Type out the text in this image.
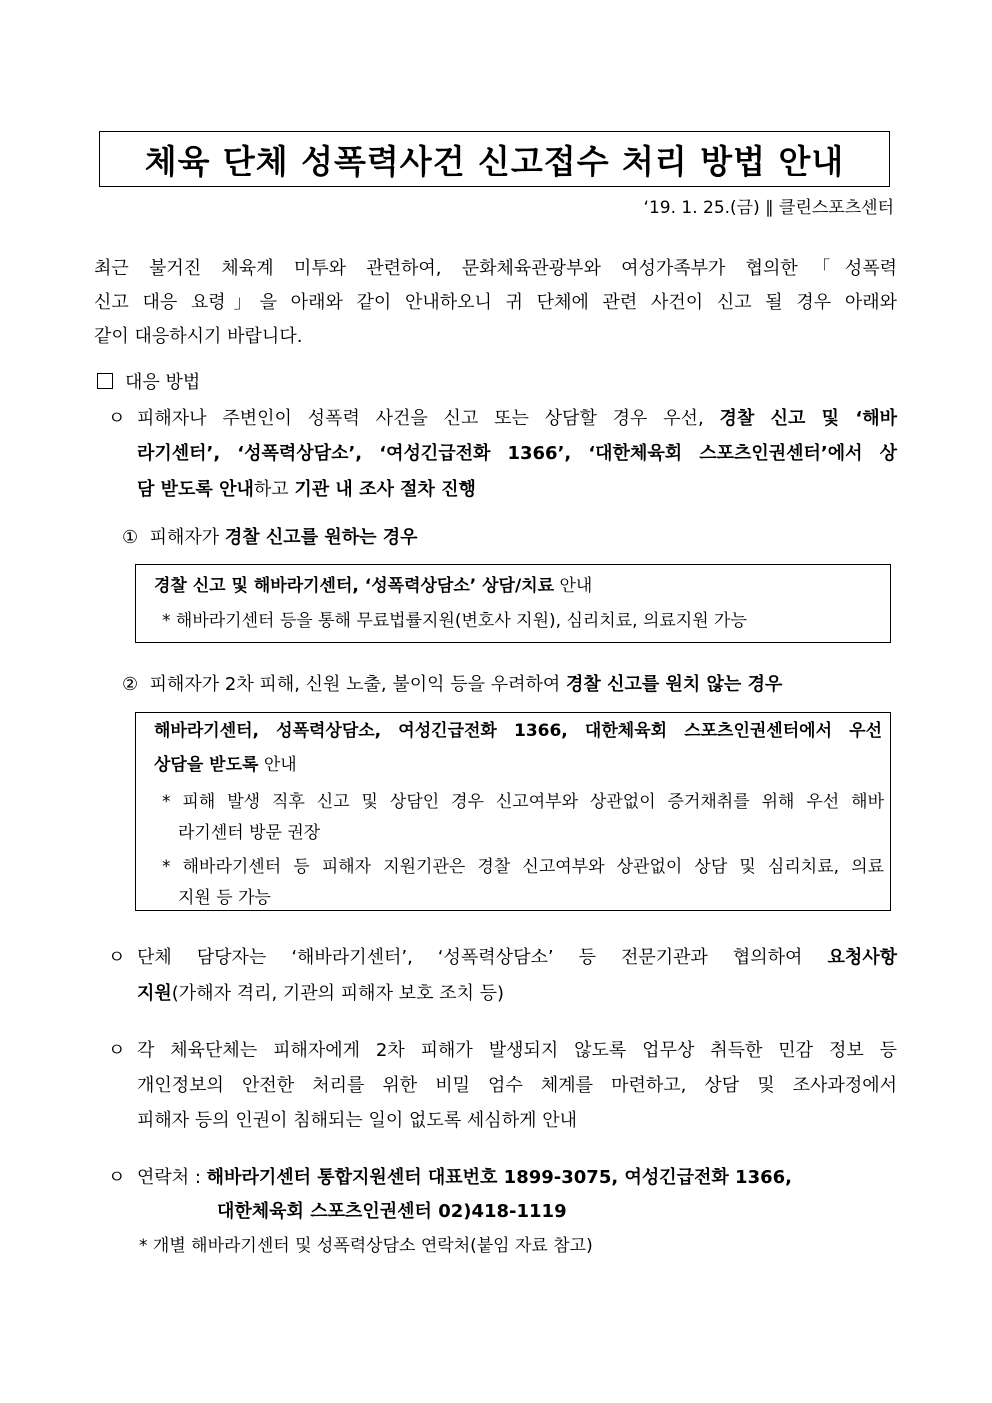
체육 단체 성폭력사건 신고접수 처리 방법 안내
‘19. 1. 25.(금) ∥ 클린스포츠센터
최근 불거진 체육계 미투와 관련하여, 문화체육관광부와 여성가족부가 협의한「성폭력
신고 대응 요령」을 아래와 같이 안내하오니 귀 단체에 관련 사건이 신고 될 경우 아래와
같이 대응하시기 바랍니다.
대응 방법
ㅇ 피해자나 주변인이 성폭력 사건을 신고 또는 상담할 경우 우선, 경찰 신고 및 ‘해바
라기센터’, ‘성폭력상담소’, ‘여성긴급전화 1366’, ‘대한체육회 스포츠인권센터’에서 상
담 받도록 안내하고 기관 내 조사 절차 진행
① 피해자가 경찰 신고를 원하는 경우
경찰 신고 및 해바라기센터, ‘성폭력상담소’ 상담/치료 안내
* 해바라기센터 등을 통해 무료법률지원(변호사 지원), 심리치료, 의료지원 가능
② 피해자가 2차 피해, 신원 노출, 불이익 등을 우려하여 경찰 신고를 원치 않는 경우
해바라기센터, 성폭력상담소, 여성긴급전화 1366, 대한체육회 스포츠인권센터에서 우선
상담을 받도록 안내
* 피해 발생 직후 신고 및 상담인 경우 신고여부와 상관없이 증거채취를 위해 우선 해바
라기센터 방문 권장
* 해바라기센터 등 피해자 지원기관은 경찰 신고여부와 상관없이 상담 및 심리치료, 의료
지원 등 가능
ㅇ 단체 담당자는 ‘해바라기센터’, ‘성폭력상담소’ 등 전문기관과 협의하여 요청사항
지원(가해자 격리, 기관의 피해자 보호 조치 등)
ㅇ 각 체육단체는 피해자에게 2차 피해가 발생되지 않도록 업무상 취득한 민감 정보 등
개인정보의 안전한 처리를 위한 비밀 엄수 체계를 마련하고, 상담 및 조사과정에서
피해자 등의 인권이 침해되는 일이 없도록 세심하게 안내
ㅇ 연락처 : 해바라기센터 통합지원센터 대표번호 1899-3075, 여성긴급전화 1366,
대한체육회 스포츠인권센터 02)418-1119
* 개별 해바라기센터 및 성폭력상담소 연락처(붙임 자료 참고)
